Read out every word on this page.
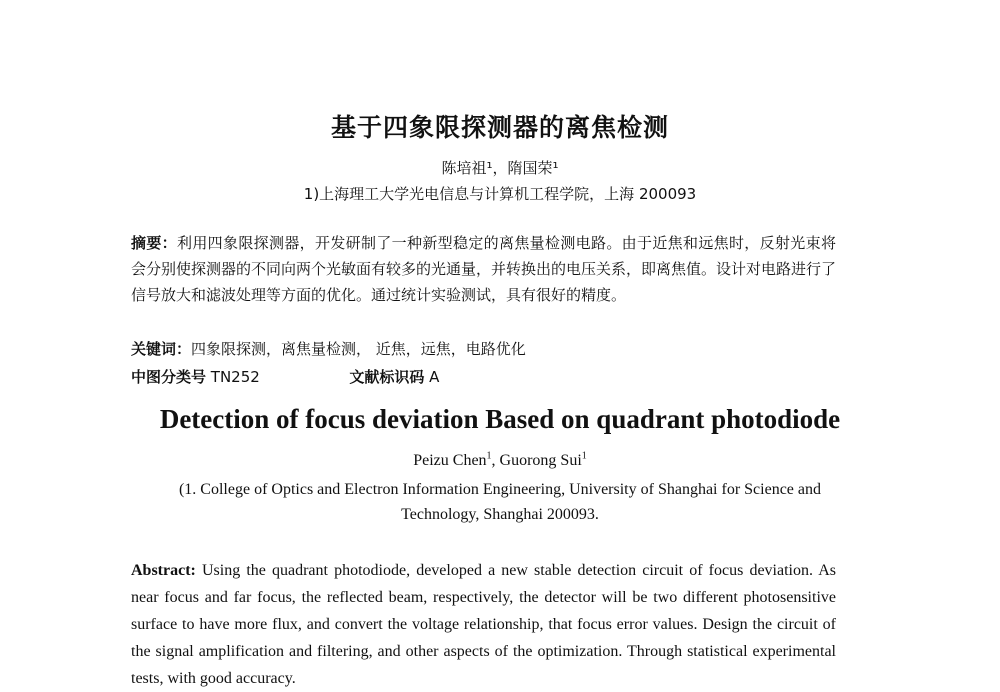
基于四象限探测器的离焦检测
陈培祖¹，隋国荣¹
1)上海理工大学光电信息与计算机工程学院，上海 200093
摘要：利用四象限探测器，开发研制了一种新型稳定的离焦量检测电路。由于近焦和远焦时，反射光束将会分别使探测器的不同向两个光敏面有较多的光通量，并转换出的电压关系，即离焦值。设计对电路进行了信号放大和滤波处理等方面的优化。通过统计实验测试，具有很好的精度。
关键词：四象限探测，离焦量检测， 近焦，远焦，电路优化
中图分类号 TN252	文献标识码 A
Detection of focus deviation Based on quadrant photodiode
Peizu Chen$^1$, Guorong Sui$^1$
(1. College of Optics and Electron Information Engineering, University of Shanghai for Science and Technology, Shanghai 200093.
Abstract: Using the quadrant photodiode, developed a new stable detection circuit of focus deviation. As near focus and far focus, the reflected beam, respectively, the detector will be two different photosensitive surface to have more flux, and convert the voltage relationship, that focus error values. Design the circuit of the signal amplification and filtering, and other aspects of the optimization. Through statistical experimental tests, with good accuracy.
